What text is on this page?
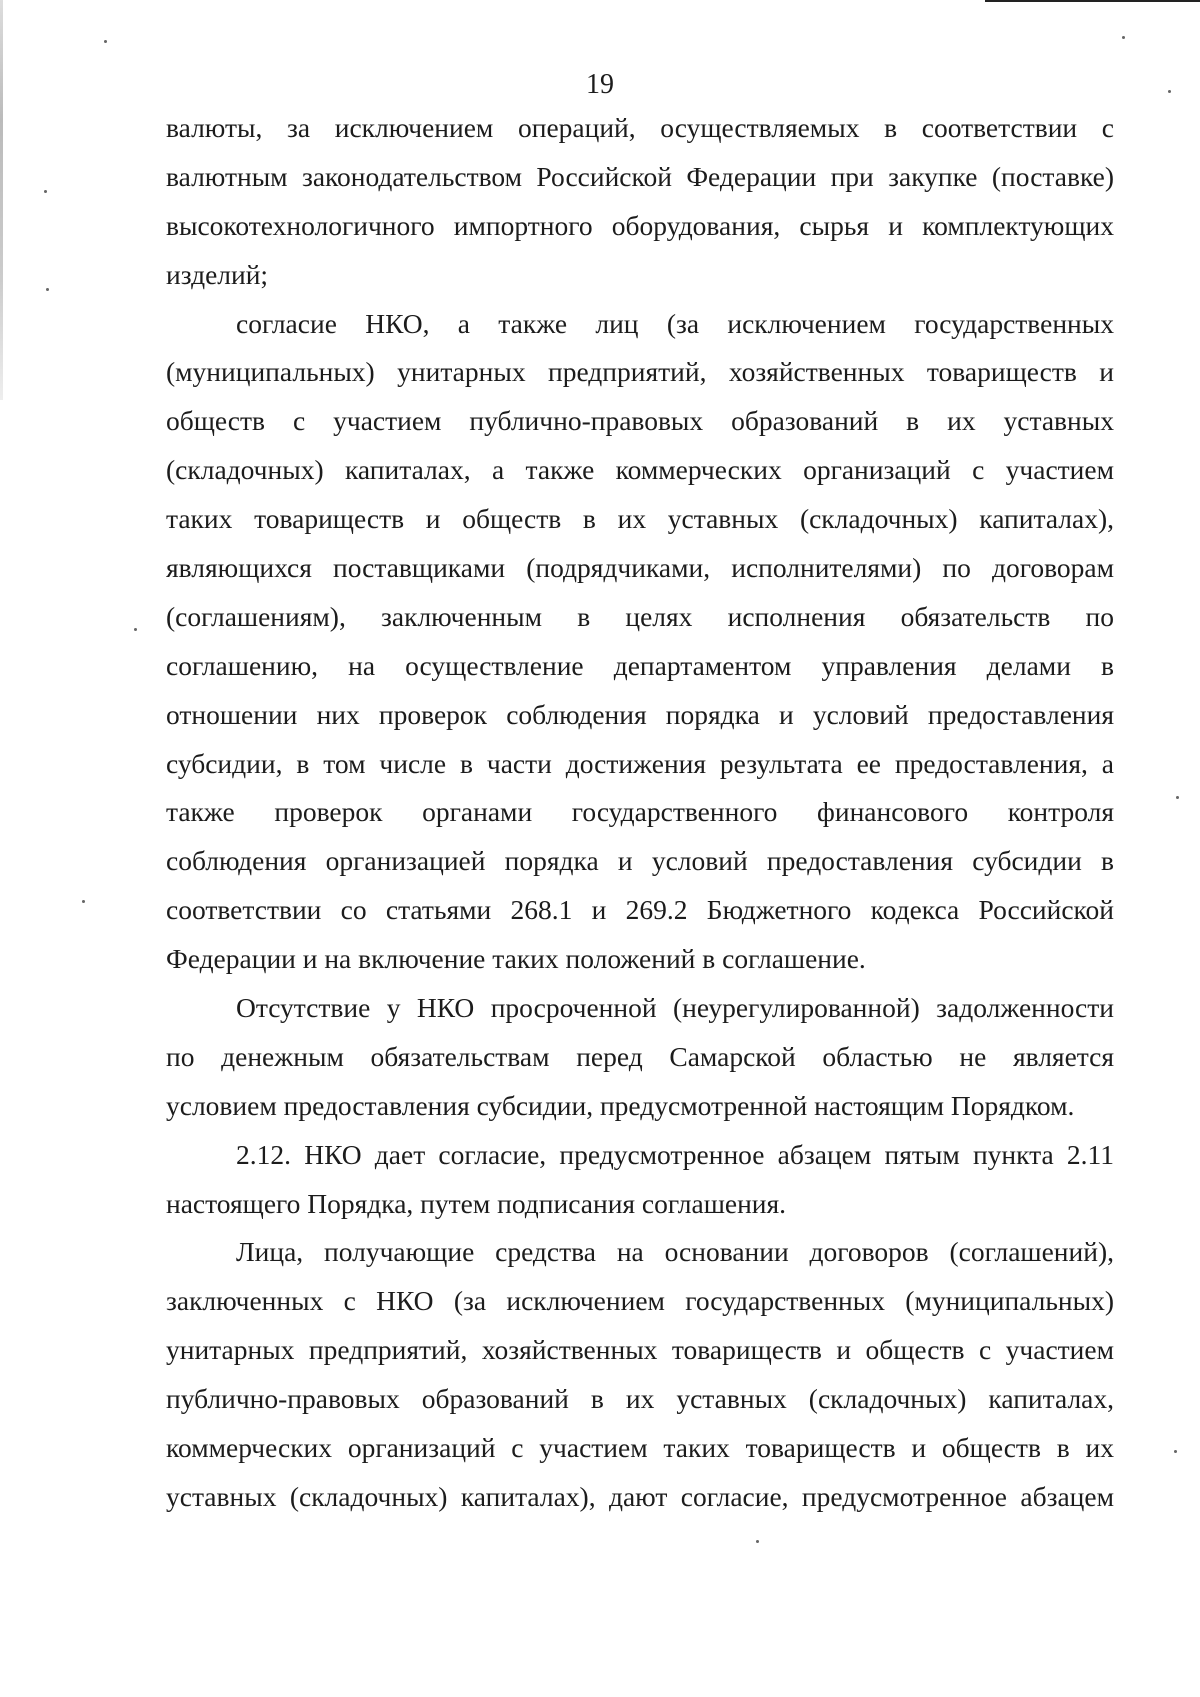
19
валюты, за исключением операций, осуществляемых в соответствии с
валютным законодательством Российской Федерации при закупке (поставке)
высокотехнологичного импортного оборудования, сырья и комплектующих
изделий;
согласие НКО, а также лиц (за исключением государственных
(муниципальных) унитарных предприятий, хозяйственных товариществ и
обществ с участием публично-правовых образований в их уставных
(складочных) капиталах, а также коммерческих организаций с участием
таких товариществ и обществ в их уставных (складочных) капиталах),
являющихся поставщиками (подрядчиками, исполнителями) по договорам
(соглашениям), заключенным в целях исполнения обязательств по
соглашению, на осуществление департаментом управления делами в
отношении них проверок соблюдения порядка и условий предоставления
субсидии, в том числе в части достижения результата ее предоставления, а
также проверок органами государственного финансового контроля
соблюдения организацией порядка и условий предоставления субсидии в
соответствии со статьями 268.1 и 269.2 Бюджетного кодекса Российской
Федерации и на включение таких положений в соглашение.
Отсутствие у НКО просроченной (неурегулированной) задолженности
по денежным обязательствам перед Самарской областью не является
условием предоставления субсидии, предусмотренной настоящим Порядком.
2.12. НКО дает согласие, предусмотренное абзацем пятым пункта 2.11
настоящего Порядка, путем подписания соглашения.
Лица, получающие средства на основании договоров (соглашений),
заключенных с НКО (за исключением государственных (муниципальных)
унитарных предприятий, хозяйственных товариществ и обществ с участием
публично-правовых образований в их уставных (складочных) капиталах,
коммерческих организаций с участием таких товариществ и обществ в их
уставных (складочных) капиталах), дают согласие, предусмотренное абзацем
